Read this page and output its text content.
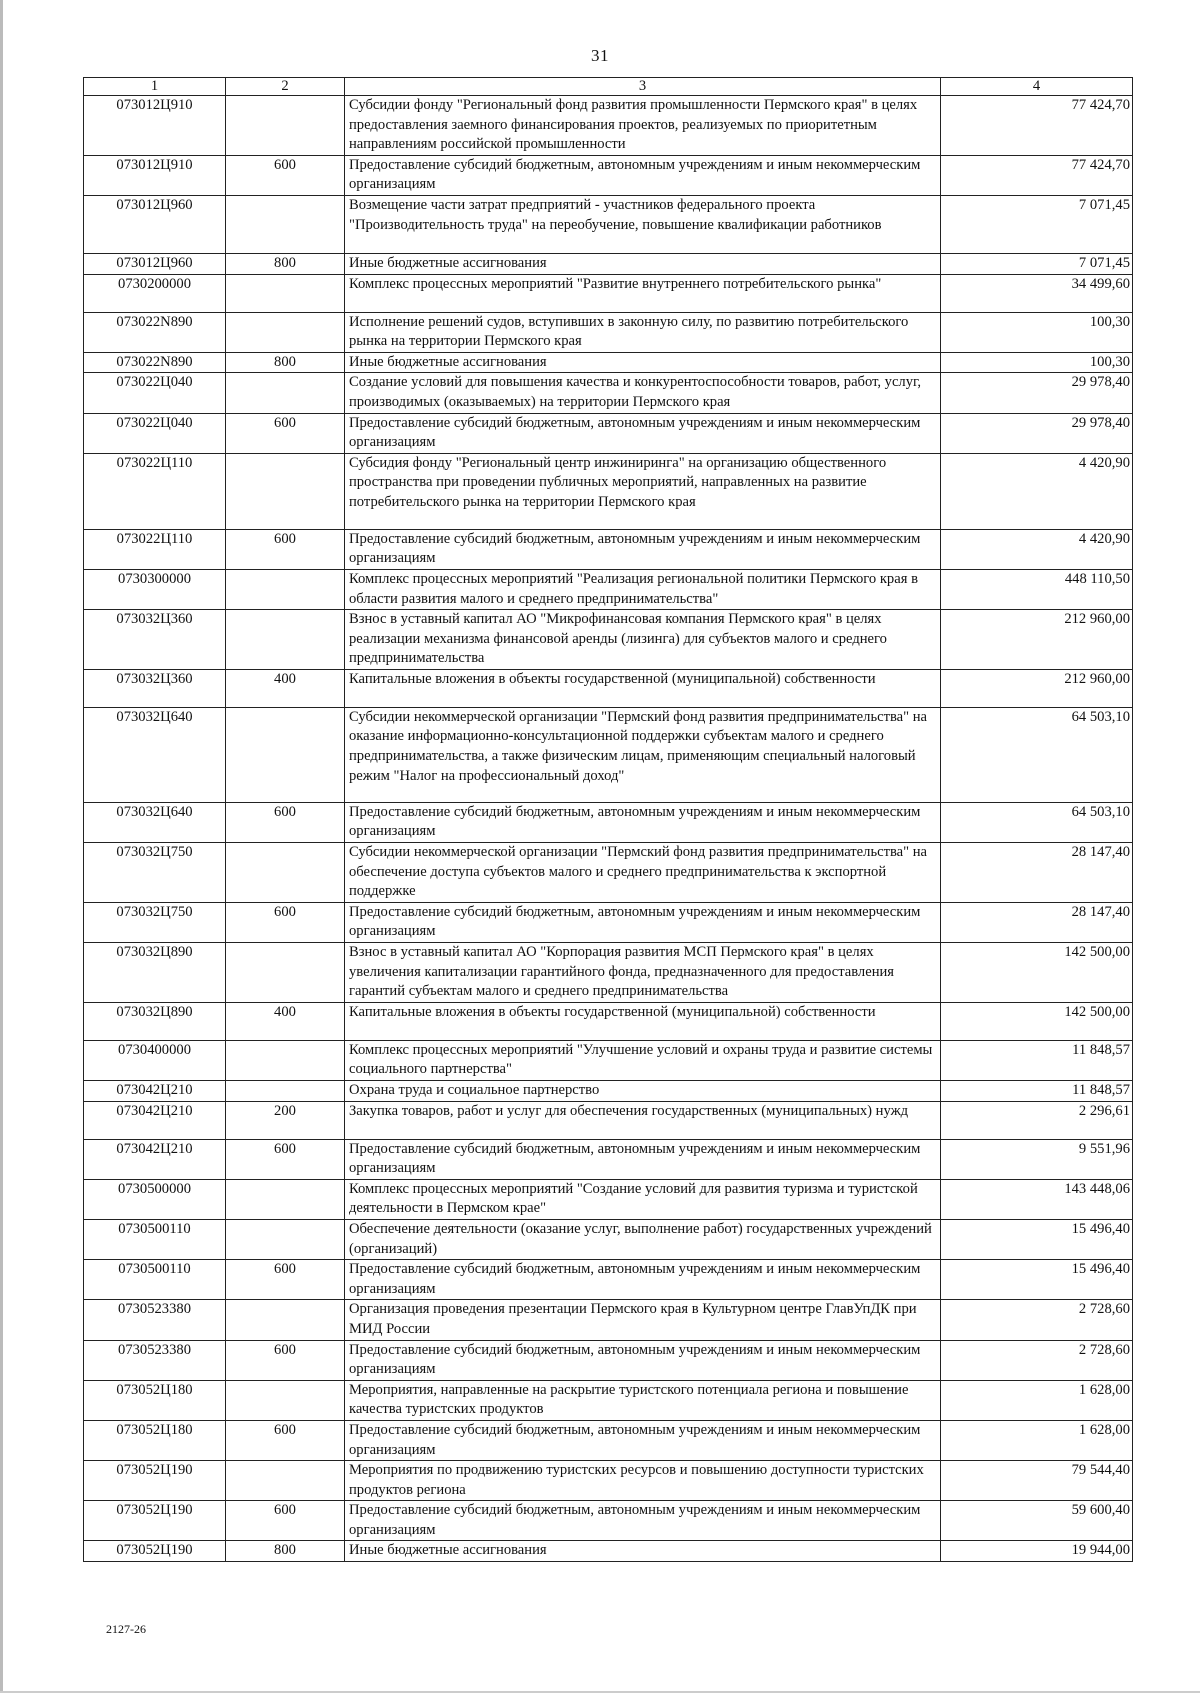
31
1	2	3	4
073012Ц910		Субсидии фонду "Региональный фонд развития промышленности Пермского края" в целях предоставления заемного финансирования проектов, реализуемых по приоритетным направлениям российской промышленности	77 424,70
073012Ц910	600	Предоставление субсидий бюджетным, автономным учреждениям и иным некоммерческим организациям	77 424,70
073012Ц960		Возмещение части затрат предприятий - участников федерального проекта "Производительность труда" на переобучение, повышение квалификации работников	7 071,45
073012Ц960	800	Иные бюджетные ассигнования	7 071,45
0730200000		Комплекс процессных мероприятий "Развитие внутреннего потребительского рынка"	34 499,60
073022N890		Исполнение решений судов, вступивших в законную силу, по развитию потребительского рынка на территории Пермского края	100,30
073022N890	800	Иные бюджетные ассигнования	100,30
073022Ц040		Создание условий для повышения качества и конкурентоспособности товаров, работ, услуг, производимых (оказываемых) на территории Пермского края	29 978,40
073022Ц040	600	Предоставление субсидий бюджетным, автономным учреждениям и иным некоммерческим организациям	29 978,40
073022Ц110		Субсидия фонду "Региональный центр инжиниринга" на организацию общественного пространства при проведении публичных мероприятий, направленных на развитие потребительского рынка на территории Пермского края	4 420,90
073022Ц110	600	Предоставление субсидий бюджетным, автономным учреждениям и иным некоммерческим организациям	4 420,90
0730300000		Комплекс процессных мероприятий "Реализация региональной политики Пермского края в области развития малого и среднего предпринимательства"	448 110,50
073032Ц360		Взнос в уставный капитал АО "Микрофинансовая компания Пермского края" в целях реализации механизма финансовой аренды (лизинга) для субъектов малого и среднего предпринимательства	212 960,00
073032Ц360	400	Капитальные вложения в объекты государственной (муниципальной) собственности	212 960,00
073032Ц640		Субсидии некоммерческой организации "Пермский фонд развития предпринимательства" на оказание информационно-консультационной поддержки субъектам малого и среднего предпринимательства, а также физическим лицам, применяющим специальный налоговый режим "Налог на профессиональный доход"	64 503,10
073032Ц640	600	Предоставление субсидий бюджетным, автономным учреждениям и иным некоммерческим организациям	64 503,10
073032Ц750		Субсидии некоммерческой организации "Пермский фонд развития предпринимательства" на обеспечение доступа субъектов малого и среднего предпринимательства к экспортной поддержке	28 147,40
073032Ц750	600	Предоставление субсидий бюджетным, автономным учреждениям и иным некоммерческим организациям	28 147,40
073032Ц890		Взнос в уставный капитал АО "Корпорация развития МСП Пермского края" в целях увеличения капитализации гарантийного фонда, предназначенного для предоставления гарантий субъектам малого и среднего предпринимательства	142 500,00
073032Ц890	400	Капитальные вложения в объекты государственной (муниципальной) собственности	142 500,00
0730400000		Комплекс процессных мероприятий "Улучшение условий и охраны труда и развитие системы социального партнерства"	11 848,57
073042Ц210		Охрана труда и социальное партнерство	11 848,57
073042Ц210	200	Закупка товаров, работ и услуг для обеспечения государственных (муниципальных) нужд	2 296,61
073042Ц210	600	Предоставление субсидий бюджетным, автономным учреждениям и иным некоммерческим организациям	9 551,96
0730500000		Комплекс процессных мероприятий "Создание условий для развития туризма и туристской деятельности в Пермском крае"	143 448,06
0730500110		Обеспечение деятельности (оказание услуг, выполнение работ) государственных учреждений (организаций)	15 496,40
0730500110	600	Предоставление субсидий бюджетным, автономным учреждениям и иным некоммерческим организациям	15 496,40
0730523380		Организация проведения презентации Пермского края в Культурном центре ГлавУпДК при МИД России	2 728,60
0730523380	600	Предоставление субсидий бюджетным, автономным учреждениям и иным некоммерческим организациям	2 728,60
073052Ц180		Мероприятия, направленные на раскрытие туристского потенциала региона и повышение качества туристских продуктов	1 628,00
073052Ц180	600	Предоставление субсидий бюджетным, автономным учреждениям и иным некоммерческим организациям	1 628,00
073052Ц190		Мероприятия по продвижению туристских ресурсов и повышению доступности туристских продуктов региона	79 544,40
073052Ц190	600	Предоставление субсидий бюджетным, автономным учреждениям и иным некоммерческим организациям	59 600,40
073052Ц190	800	Иные бюджетные ассигнования	19 944,00
2127-26
